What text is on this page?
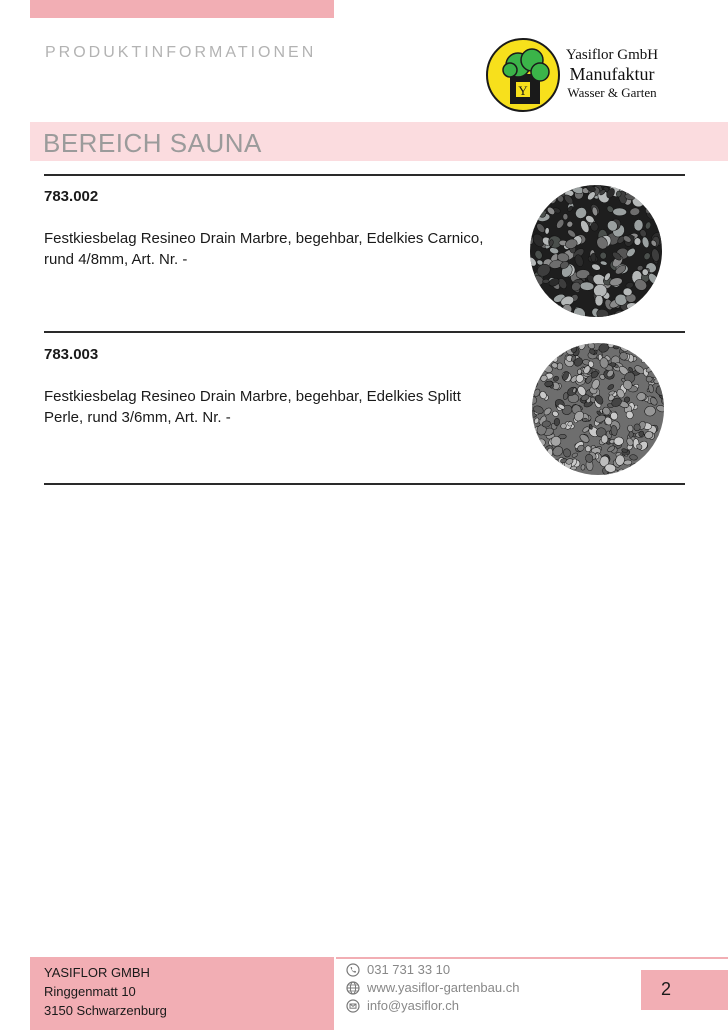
PRODUKTINFORMATIONEN
Y
Yasiflor GmbH
Manufaktur
Wasser & Garten
BEREICH SAUNA
783.002
Festkiesbelag Resineo Drain Marbre, begehbar, Edelkies Carnico, rund 4/8mm, Art. Nr. -
783.003
Festkiesbelag Resineo Drain Marbre, begehbar, Edelkies Splitt Perle, rund 3/6mm, Art. Nr. -
YASIFLOR GMBH
Ringgenmatt 10
3150 Schwarzenburg
031 731 33 10
www.yasiflor-gartenbau.ch
info@yasiflor.ch
2
